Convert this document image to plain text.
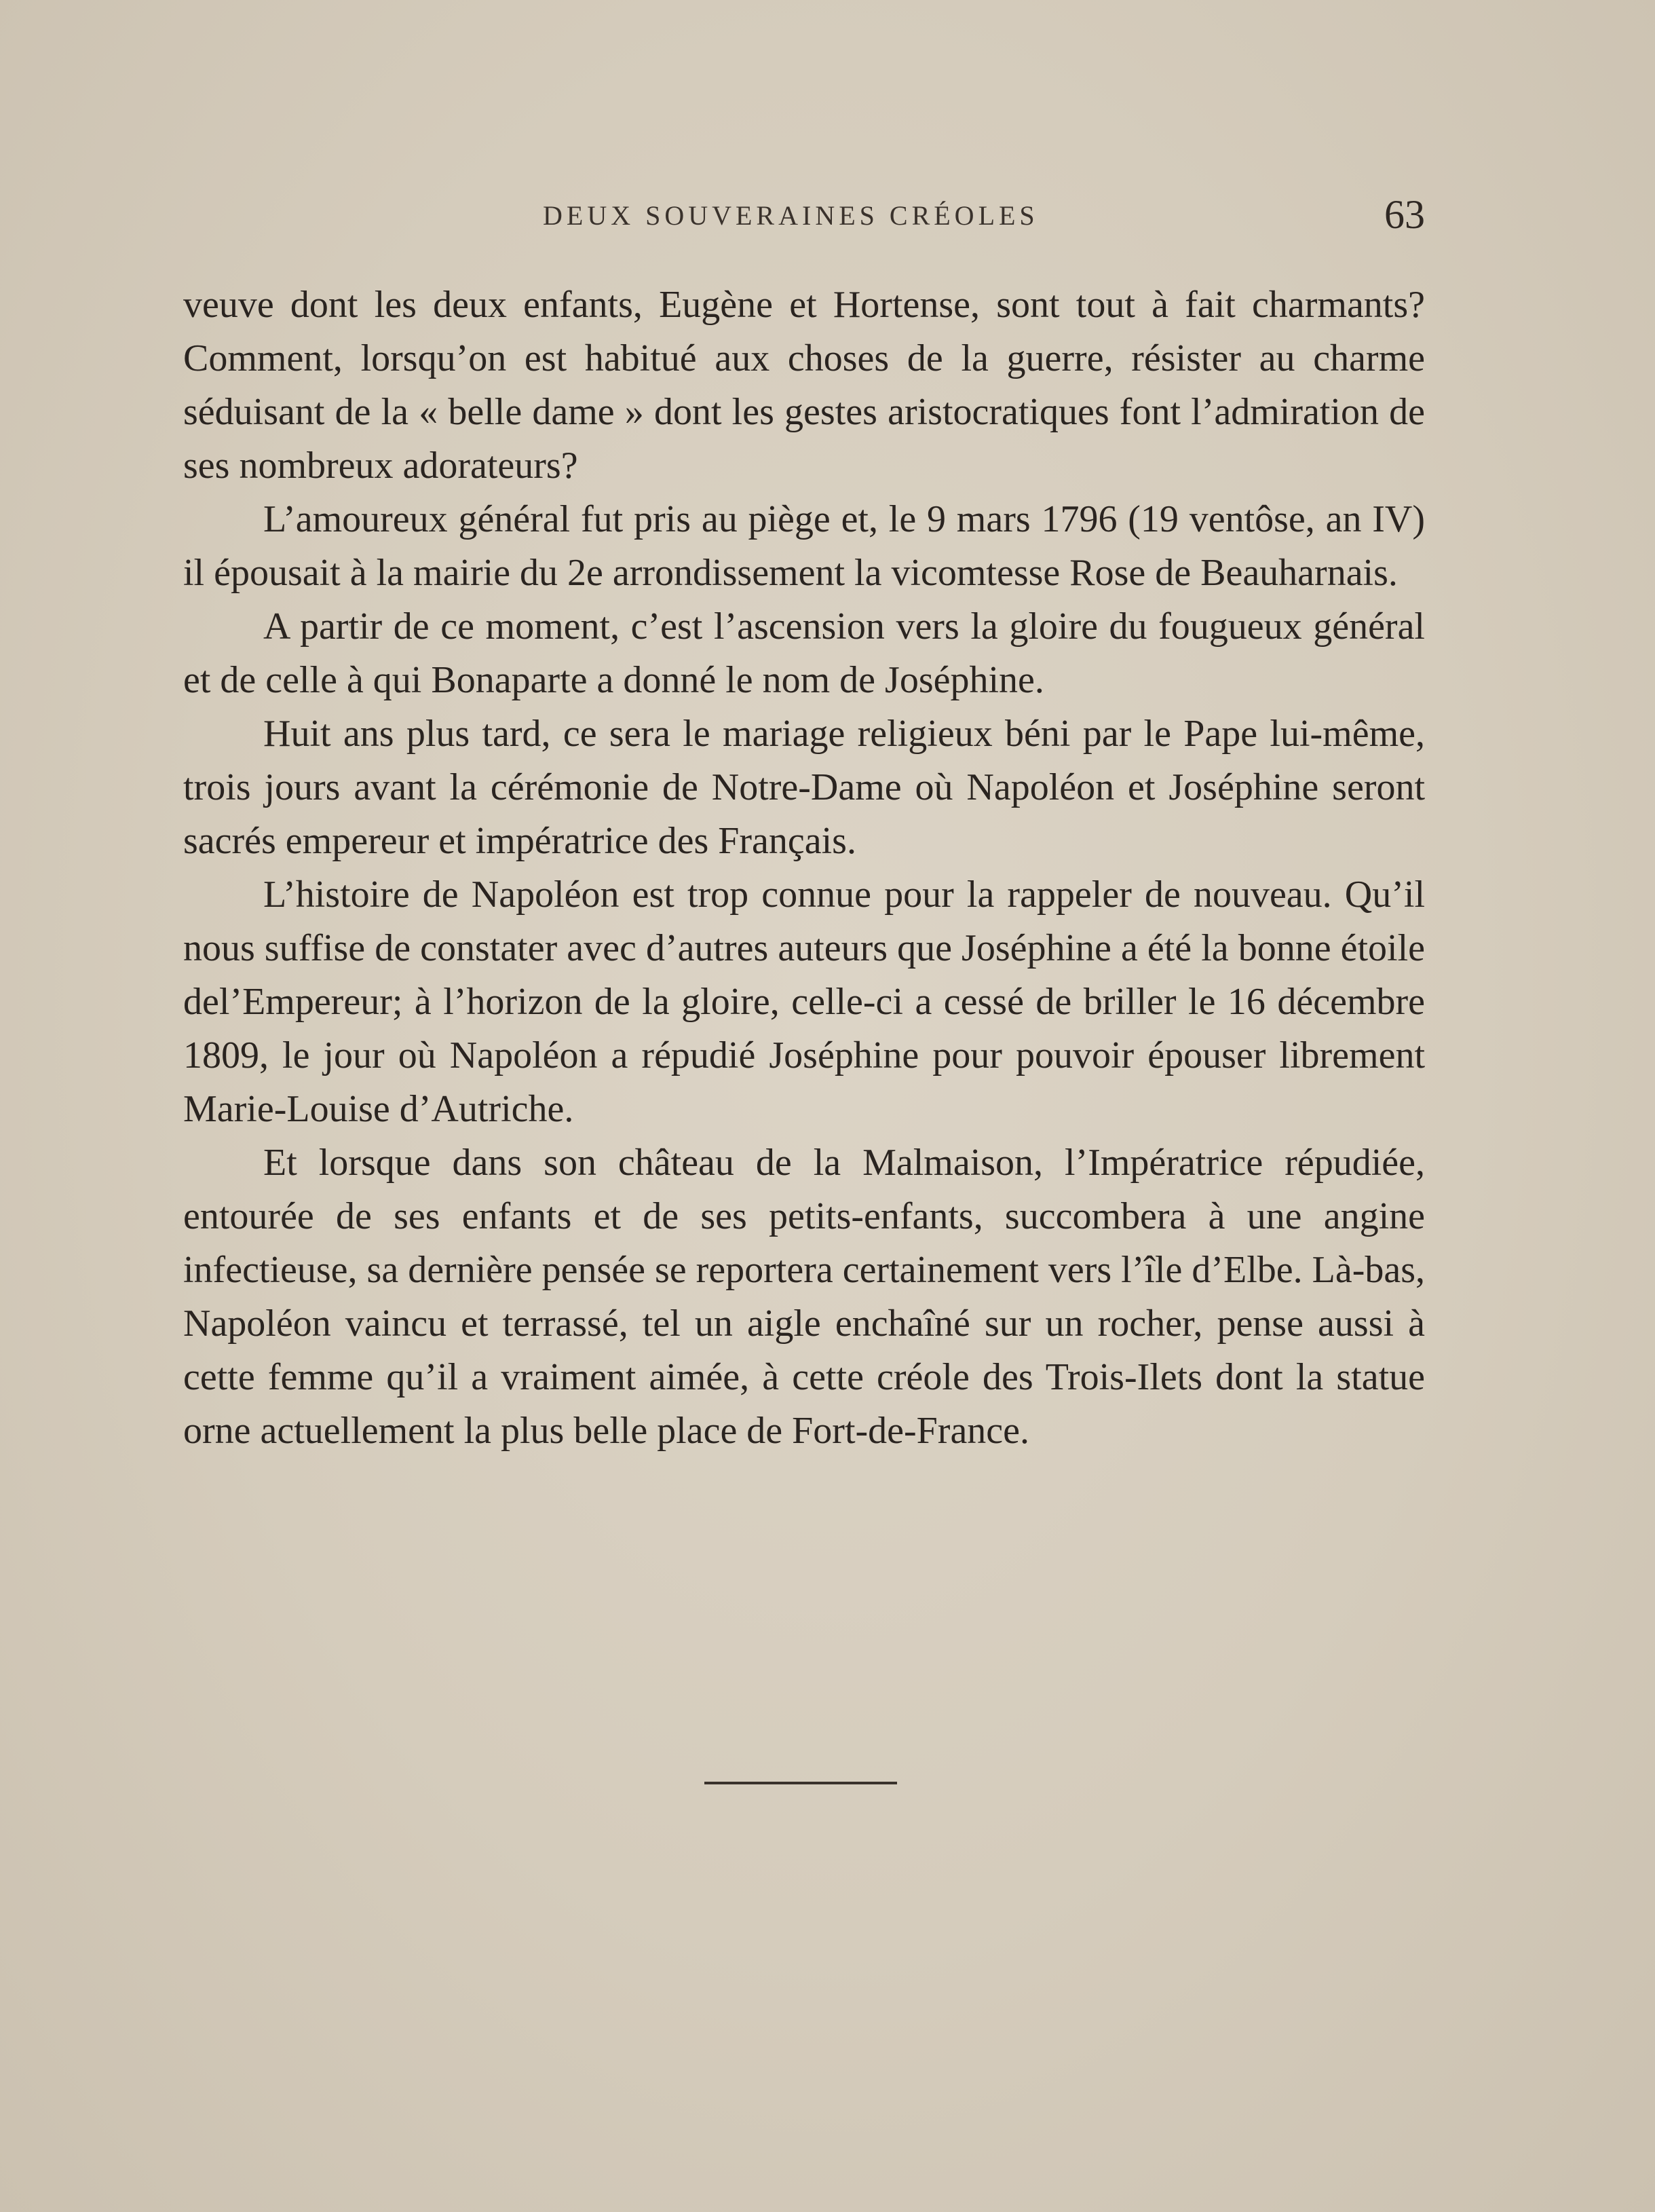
DEUX SOUVERAINES CRÉOLES	63

veuve dont les deux enfants, Eugène et Hortense, sont tout à fait charmants? Comment, lorsqu’on est habitué aux choses de la guerre, résister au charme séduisant de la « belle dame » dont les gestes aristocratiques font l’admiration de ses nombreux adorateurs?

L’amoureux général fut pris au piège et, le 9 mars 1796 (19 ventôse, an IV) il épousait à la mairie du 2e arrondissement la vicomtesse Rose de Beauharnais.

A partir de ce moment, c’est l’ascension vers la gloire du fougueux général et de celle à qui Bonaparte a donné le nom de Joséphine.

Huit ans plus tard, ce sera le mariage religieux béni par le Pape lui-même, trois jours avant la cérémonie de Notre-Dame où Napoléon et Joséphine seront sacrés empereur et impératrice des Français.

L’histoire de Napoléon est trop connue pour la rappeler de nouveau. Qu’il nous suffise de constater avec d’autres auteurs que Joséphine a été la bonne étoile del’Empereur; à l’horizon de la gloire, celle-ci a cessé de briller le 16 décembre 1809, le jour où Napoléon a répudié Joséphine pour pouvoir épouser librement Marie-Louise d’Autriche.

Et lorsque dans son château de la Malmaison, l’Impératrice répudiée, entourée de ses enfants et de ses petits-enfants, succombera à une angine infectieuse, sa dernière pensée se reportera certainement vers l’île d’Elbe. Là-bas, Napoléon vaincu et terrassé, tel un aigle enchaîné sur un rocher, pense aussi à cette femme qu’il a vraiment aimée, à cette créole des Trois-Ilets dont la statue orne actuellement la plus belle place de Fort-de-France.
